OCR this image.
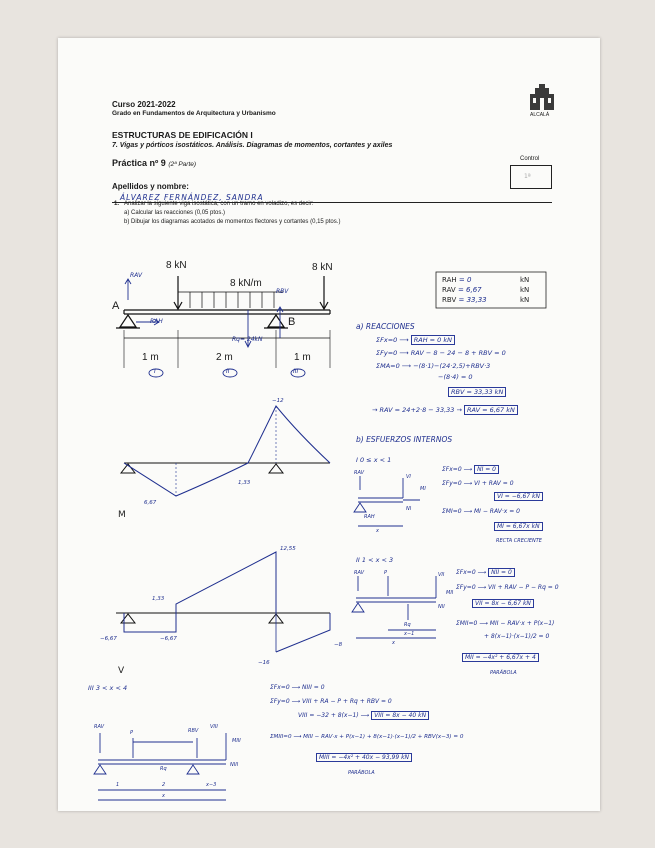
ALCALÁ
Curso 2021-2022
Grado en Fundamentos de Arquitectura y Urbanismo
ESTRUCTURAS DE EDIFICACIÓN I
7. Vigas y pórticos isostáticos. Análisis. Diagramas de momentos, cortantes y axiles
Práctica nº 9 (2ª Parte)
Control
1ª
Apellidos y nombre:
ÁLVAREZ FERNÁNDEZ, SANDRA
1. Analizar la siguiente viga isostática, con un tramo en voladizo, es decir:
a) Calcular las reacciones (0,05 ptos.)
b) Dibujar los diagramas acotados de momentos flectores y cortantes (0,15 ptos.)
8 kN
8 kN/m
8 kN
A
B
RAV
RAH
RBV
Rq= 24kN
1 m	2 m	1 m
I	II	III
RAH = 0	kN
RAV = 6,67	kN
RBV = 33,33	kN
a) REACCIONES
ΣFx=0 ⟶ RAH = 0 kN
ΣFy=0 ⟶ RAV − 8 − 24 − 8 + RBV = 0
ΣMA=0 ⟶ −(8·1)−(24·2,5)+RBV·3
−(8·4) = 0
RBV = 33,33 kN
→ RAV = 24+2·8 − 33,33 → RAV = 6,67 kN
b) ESFUERZOS INTERNOS
I 0 ≤ x < 1
ΣFx=0 ⟶ NI = 0
ΣFy=0 ⟶ VI + RAV = 0
VI = −6,67 kN
ΣMI=0 ⟶ MI − RAV·x = 0
MI = 6,67x kN
RECTA CRECIENTE
II 1 < x < 3
ΣFx=0 ⟶ NII = 0
ΣFy=0 ⟶ VII + RAV − P − Rq = 0
VII = 8x − 6,67 kN
ΣMII=0 ⟶ MII − RAV·x + P(x−1)
+ 8(x−1)·(x−1)/2 = 0
MII = −4x² + 6,67x + 4
PARÁBOLA
III 3 < x < 4	ΣFx=0 ⟶ NIII = 0
ΣFy=0 ⟶ VIII + RA − P + Rq + RBV = 0
VIII = −32 + 8(x−1) ⟶ VIII = 8x − 40 kN
ΣMIII=0 ⟶ MIII − RAV·x + P(x−1) + 8(x−1)·(x−1)/2 + RBV(x−3) = 0
MIII = −4x² + 40x − 93,99 kN
PARÁBOLA
M
6,67
1,33
−12
V
12,55
1,33
−6,67	−6,67
−8
−16
RAV
RAH
VI
MI
NI
x
RAV	P
Rq
VII
MII
NII
x−1
x
RAV
P
Rq
RBV
VIII
MIII
NIII
1	2	x−3
x
